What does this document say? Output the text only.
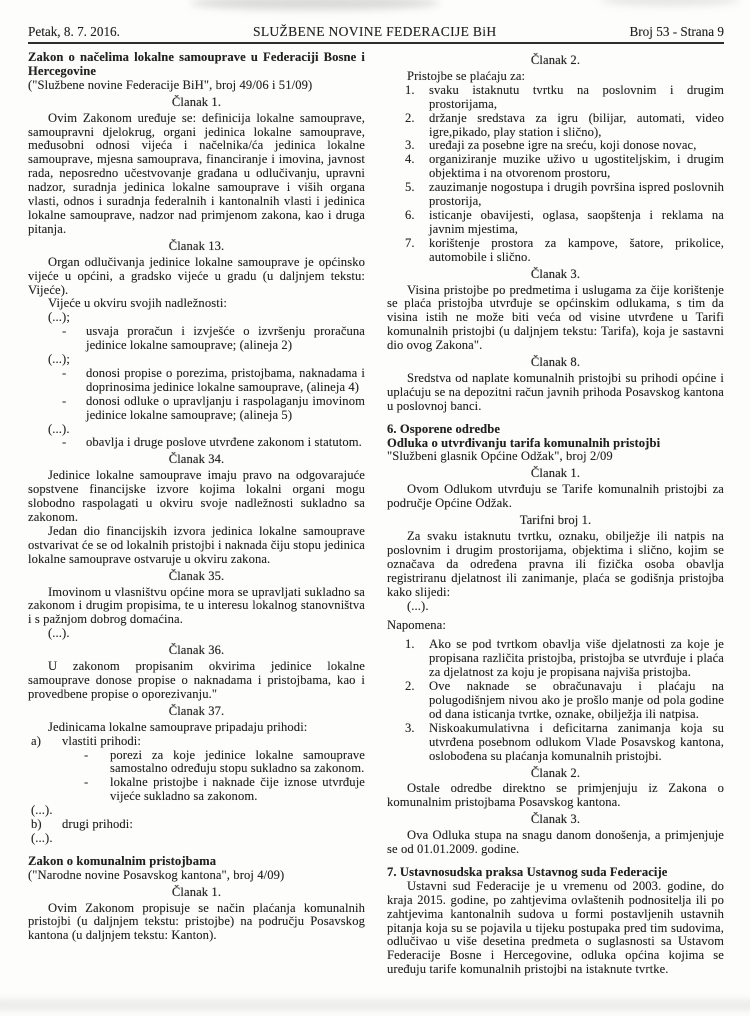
Petak, 8. 7. 2016.	SLUŽBENE NOVINE FEDERACIJE BiH	Broj 53 - Strana 9
Zakon o načelima lokalne samouprave u Federaciji Bosne i Hercegovine
("Službene novine Federacije BiH", broj 49/06 i 51/09)
Članak 1.
Ovim Zakonom uređuje se: definicija lokalne samouprave, samoupravni djelokrug, organi jedinica lokalne samouprave, međusobni odnosi vijeća i načelnika/ća jedinica lokalne samouprave, mjesna samouprava, financiranje i imovina, javnost rada, neposredno učestvovanje građana u odlučivanju, upravni nadzor, suradnja jedinica lokalne samouprave i viših organa vlasti, odnos i suradnja federalnih i kantonalnih vlasti i jedinica lokalne samouprave, nadzor nad primjenom zakona, kao i druga pitanja.
Članak 13.
Organ odlučivanja jedinice lokalne samouprave je općinsko vijeće u općini, a gradsko vijeće u gradu (u daljnjem tekstu: Vijeće).
Vijeće u okviru svojih nadležnosti:
(...);
-	usvaja proračun i izvješće o izvršenju proračuna jedinice lokalne samouprave; (alineja 2)
(...);
-	donosi propise o porezima, pristojbama, naknadama i doprinosima jedinice lokalne samouprave, (alineja 4)
-	donosi odluke o upravljanju i raspolaganju imovinom jedinice lokalne samouprave; (alineja 5)
(...).
-	obavlja i druge poslove utvrđene zakonom i statutom.
Članak 34.
Jedinice lokalne samouprave imaju pravo na odgovarajuće sopstvene financijske izvore kojima lokalni organi mogu slobodno raspolagati u okviru svoje nadležnosti sukladno sa zakonom.
Jedan dio financijskih izvora jedinica lokalne samouprave ostvarivat će se od lokalnih pristojbi i naknada čiju stopu jedinica lokalne samouprave ostvaruje u okviru zakona.
Članak 35.
Imovinom u vlasništvu općine mora se upravljati sukladno sa zakonom i drugim propisima, te u interesu lokalnog stanovništva i s pažnjom dobrog domaćina.
(...).
Članak 36.
U zakonom propisanim okvirima jedinice lokalne samouprave donose propise o naknadama i pristojbama, kao i provedbene propise o oporezivanju."
Članak 37.
Jedinicama lokalne samouprave pripadaju prihodi:
a)	vlastiti prihodi:
-	porezi za koje jedinice lokalne samouprave samostalno određuju stopu sukladno sa zakonom.
-	lokalne pristojbe i naknade čije iznose utvrđuje vijeće sukladno sa zakonom.
(...).
b)	drugi prihodi:
(...).
Zakon o komunalnim pristojbama
("Narodne novine Posavskog kantona", broj 4/09)
Članak 1.
Ovim Zakonom propisuje se način plaćanja komunalnih pristojbi (u daljnjem tekstu: pristojbe) na području Posavskog kantona (u daljnjem tekstu: Kanton).
Članak 2.
Pristojbe se plaćaju za:
1.	svaku istaknutu tvrtku na poslovnim i drugim prostorijama,
2.	držanje sredstava za igru (bilijar, automati, video igre,pikado, play station i slično),
3.	uređaji za posebne igre na sreću, koji donose novac,
4.	organiziranje muzike uživo u ugostiteljskim, i drugim objektima i na otvorenom prostoru,
5.	zauzimanje nogostupa i drugih površina ispred poslovnih prostorija,
6.	isticanje obavijesti, oglasa, saopštenja i reklama na javnim mjestima,
7.	korištenje prostora za kampove, šatore, prikolice, automobile i slično.
Članak 3.
Visina pristojbe po predmetima i uslugama za čije korištenje se plaća pristojba utvrđuje se općinskim odlukama, s tim da visina istih ne može biti veća od visine utvrđene u Tarifi komunalnih pristojbi (u daljnjem tekstu: Tarifa), koja je sastavni dio ovog Zakona".
Članak 8.
Sredstva od naplate komunalnih pristojbi su prihodi općine i uplaćuju se na depozitni račun javnih prihoda Posavskog kantona u poslovnoj banci.
6. Osporene odredbe
Odluka o utvrđivanju tarifa komunalnih pristojbi
"Službeni glasnik Općine Odžak", broj 2/09
Članak 1.
Ovom Odlukom utvrđuju se Tarife komunalnih pristojbi za područje Općine Odžak.
Tarifni broj 1.
Za svaku istaknutu tvrtku, oznaku, obilježje ili natpis na poslovnim i drugim prostorijama, objektima i slično, kojim se označava da određena pravna ili fizička osoba obavlja registriranu djelatnost ili zanimanje, plaća se godišnja pristojba kako slijedi:
(...).
Napomena:
1.	Ako se pod tvrtkom obavlja više djelatnosti za koje je propisana različita pristojba, pristojba se utvrđuje i plaća za djelatnost za koju je propisana najviša pristojba.
2.	Ove naknade se obračunavaju i plaćaju na polugodišnjem nivou ako je prošlo manje od pola godine od dana isticanja tvrtke, oznake, obilježja ili natpisa.
3.	Niskoakumulativna i deficitarna zanimanja koja su utvrđena posebnom odlukom Vlade Posavskog kantona, oslobođena su plaćanja komunalnih pristojbi.
Članak 2.
Ostale odredbe direktno se primjenjuju iz Zakona o komunalnim pristojbama Posavskog kantona.
Članak 3.
Ova Odluka stupa na snagu danom donošenja, a primjenjuje se od 01.01.2009. godine.
7. Ustavnosudska praksa Ustavnog suda Federacije
Ustavni sud Federacije je u vremenu od 2003. godine, do kraja 2015. godine, po zahtjevima ovlaštenih podnositelja ili po zahtjevima kantonalnih sudova u formi postavljenih ustavnih pitanja koja su se pojavila u tijeku postupaka pred tim sudovima, odlučivao u više desetina predmeta o suglasnosti sa Ustavom Federacije Bosne i Hercegovine, odluka općina kojima se uređuju tarife komunalnih pristojbi na istaknute tvrtke.
